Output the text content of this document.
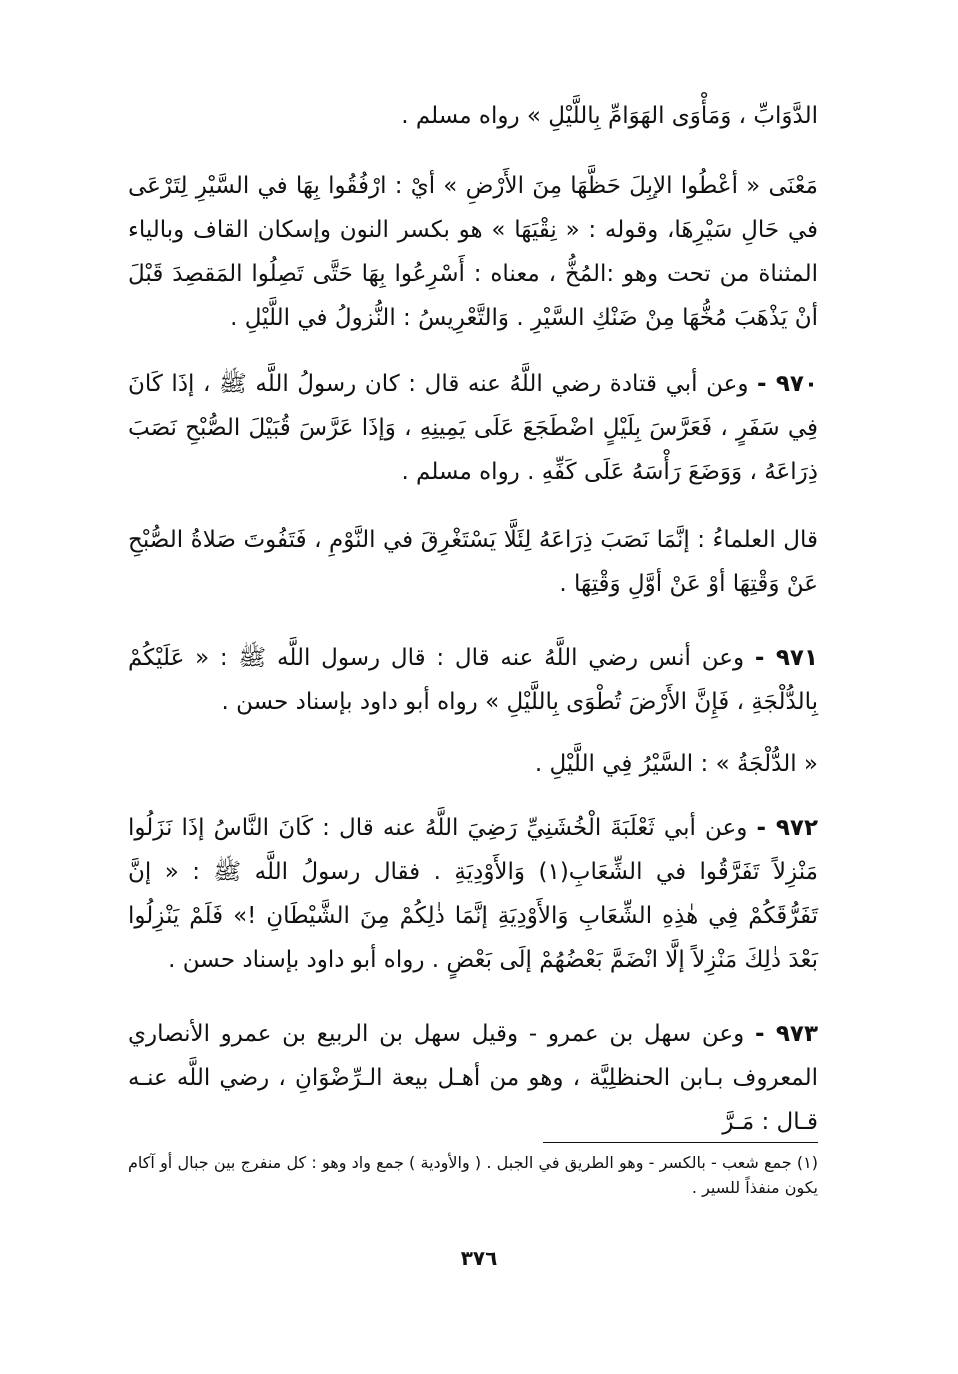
الدَّوَابِّ ، وَمَأْوَى الهَوَامِّ بِاللَّيْلِ » رواه مسلم .
مَعْنَى « أعْطُوا الإبِلَ حَظَّهَا مِنَ الأَرْضِ » أيْ : ارْفُقُوا بِهَا في السَّيْرِ لِتَرْعَى في حَالِ سَيْرِهَا، وقوله : « نِقْيَهَا » هو بكسر النون وإسكان القاف وبالياء المثناة من تحت وهو :المُخُّ ، معناه : أَسْرِعُوا بِهَا حَتَّى تَصِلُوا المَقصِدَ قَبْلَ أنْ يَذْهَبَ مُخُّهَا مِنْ ضَنْكِ السَّيْرِ . وَالتَّعْرِيسُ : النُّزولُ في اللَّيْلِ .
٩٧٠ - وعن أبي قتادة رضي اللَّهُ عنه قال : كان رسولُ اللَّه ﷺ ، إذَا كَانَ فِي سَفَرٍ ، فَعَرَّسَ بِلَيْلٍ اضْطَجَعَ عَلَى يَمِينِهِ ، وَإذَا عَرَّسَ قُبَيْلَ الصُّبْحِ نَصَبَ ذِرَاعَهُ ، وَوَضَعَ رَأْسَهُ عَلَى كَفِّهِ . رواه مسلم .
قال العلماءُ : إنَّمَا نَصَبَ ذِرَاعَهُ لِئَلَّا يَسْتَغْرِقَ في النَّوْمِ ، فَتَفُوتَ صَلاةُ الصُّبْحِ عَنْ وَقْتِهَا أوْ عَنْ أوَّلِ وَقْتِهَا .
٩٧١ - وعن أنس رضي اللَّهُ عنه قال : قال رسول اللَّه ﷺ : « عَلَيْكُمْ بِالدُّلْجَةِ ، فَإِنَّ الأَرْضَ تُطْوَى بِاللَّيْلِ » رواه أبو داود بإسناد حسن .
« الدُّلْجَةُ » : السَّيْرُ فِي اللَّيْلِ .
٩٧٢ - وعن أبي ثَعْلَبَةَ الْخُشَنِيِّ رَضِيَ اللَّهُ عنه قال : كَانَ النَّاسُ إذَا نَزَلُوا مَنْزِلاً تَفَرَّقُوا في الشِّعَابِ(١) وَالأَوْدِيَةِ . فقال رسولُ اللَّه ﷺ : « إنَّ تَفَرُّقَكُمْ فِي هٰذِهِ الشِّعَابِ وَالأَوْدِيَةِ إنَّمَا ذٰلِكُمْ مِنَ الشَّيْطَانِ !» فَلَمْ يَنْزِلُوا بَعْدَ ذٰلِكَ مَنْزِلاً إلَّا انْضَمَّ بَعْضُهُمْ إلَى بَعْضٍ . رواه أبو داود بإسناد حسن .
٩٧٣ - وعن سهل بن عمرو - وقيل سهل بن الربيع بن عمرو الأنصاري المعروف بـابن الحنظلِيَّة ، وهو من أهـل بيعة الـرِّضْوَانِ ، رضي اللَّه عنـه قـال : مَـرَّ
(١) جمع شعب - بالكسر - وهو الطريق في الجبل . ( والأودية ) جمع واد وهو : كل منفرج بين جبال أو آكام يكون منفذاً للسير .
٣٧٦
